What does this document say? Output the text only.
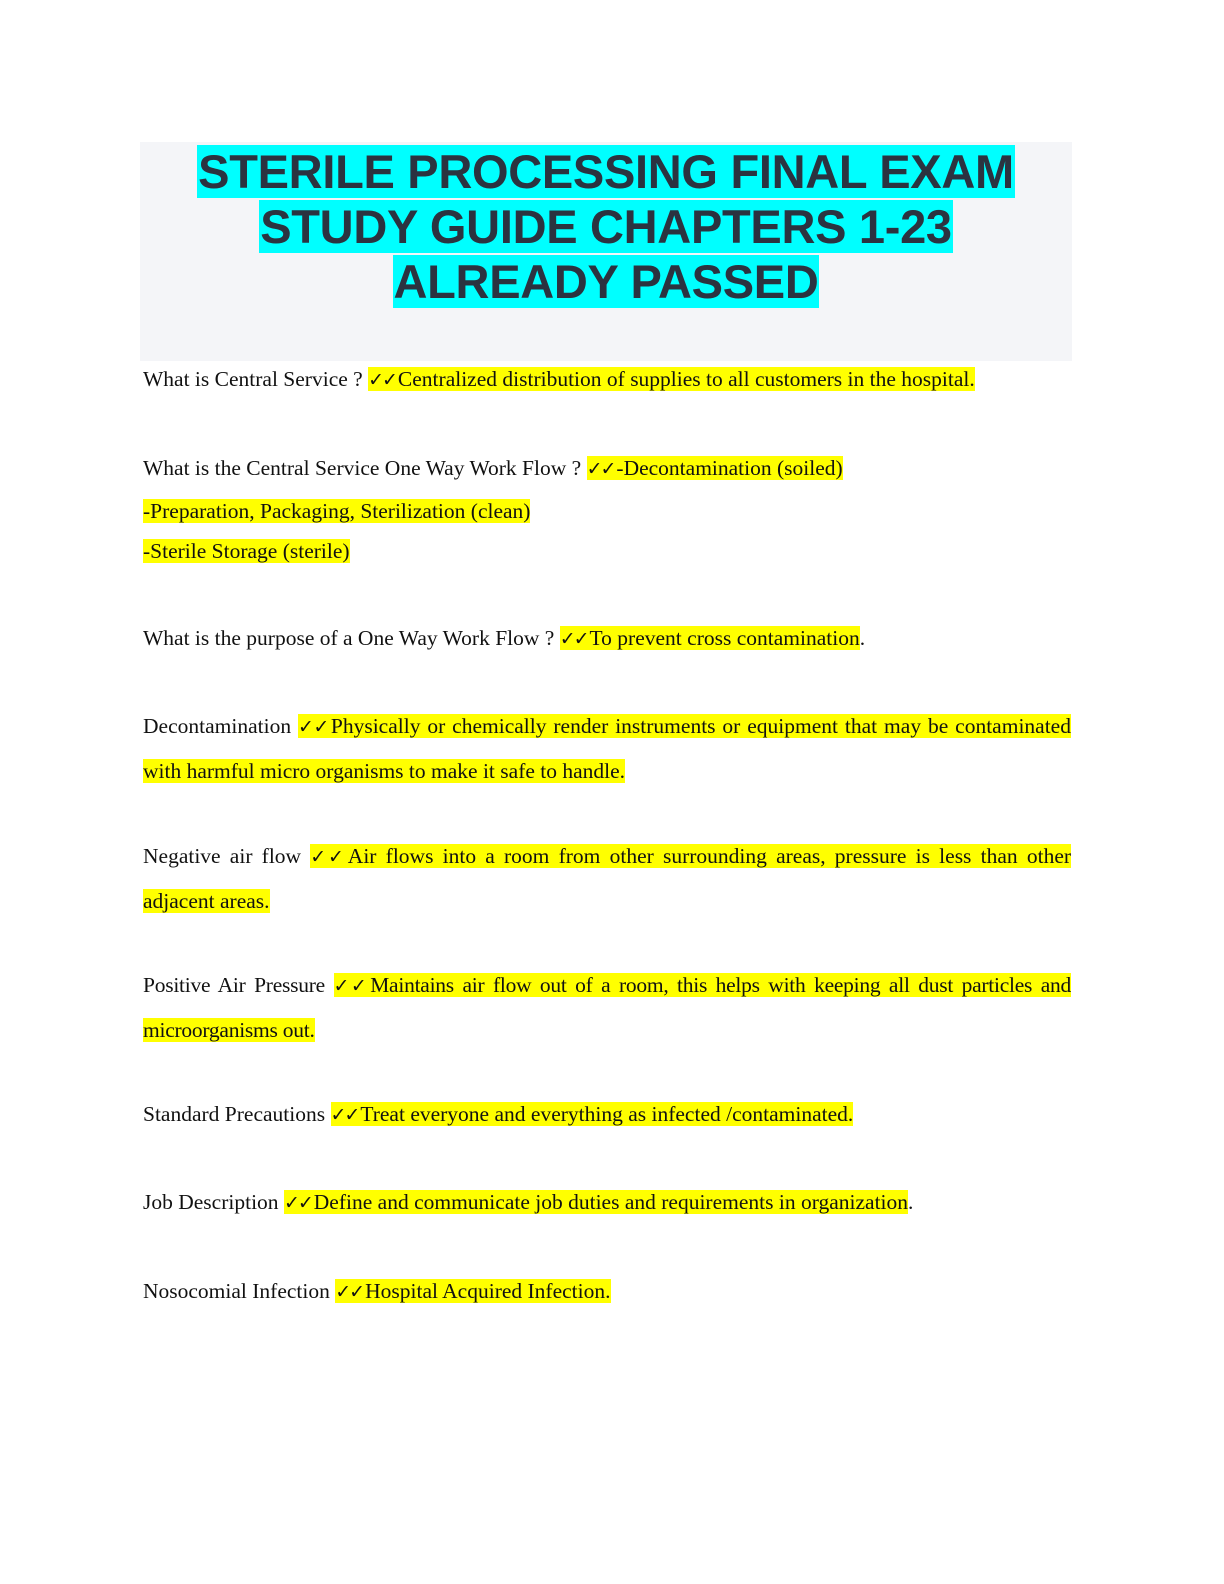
STERILE PROCESSING FINAL EXAM
STUDY GUIDE CHAPTERS 1-23
ALREADY PASSED

What is Central Service ? ✓✓Centralized distribution of supplies to all customers in the hospital.

What is the Central Service One Way Work Flow ? ✓✓-Decontamination (soiled)
-Preparation, Packaging, Sterilization (clean)
-Sterile Storage (sterile)

What is the purpose of a One Way Work Flow ? ✓✓To prevent cross contamination.

Decontamination ✓✓Physically or chemically render instruments or equipment that may be contaminated with harmful micro organisms to make it safe to handle.

Negative air flow ✓✓Air flows into a room from other surrounding areas, pressure is less than other adjacent areas.

Positive Air Pressure ✓✓Maintains air flow out of a room, this helps with keeping all dust particles and microorganisms out.

Standard Precautions ✓✓Treat everyone and everything as infected /contaminated.

Job Description ✓✓Define and communicate job duties and requirements in organization.

Nosocomial Infection ✓✓Hospital Acquired Infection.
